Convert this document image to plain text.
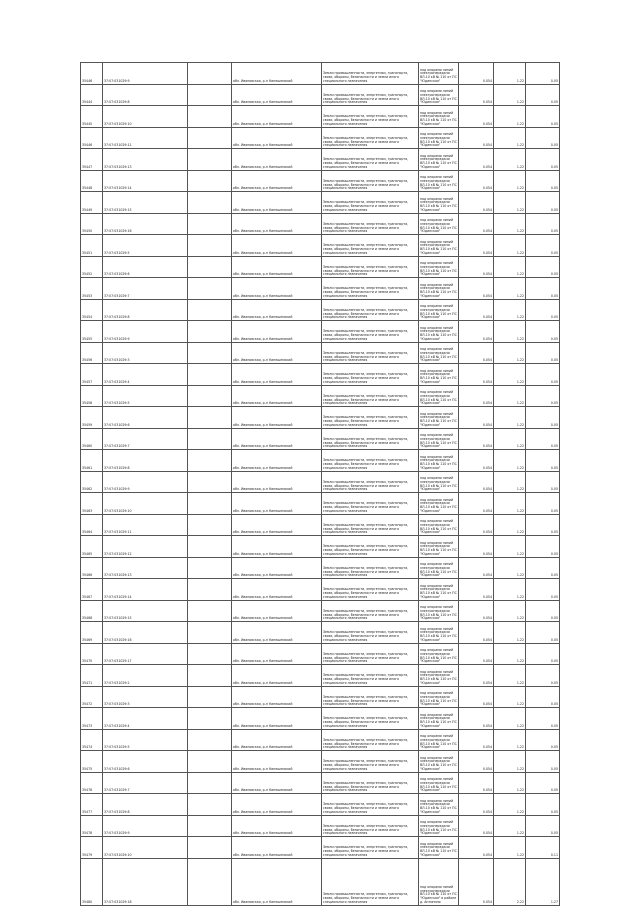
35446	37:07:031029:9		обл. Ивановская, р-н Кинешемский	Земли промышленности, энергетики, транспорта, связи, обороны, безопасности и земли иного специального назначения	под опорами линий электропередачи ВЛ-10 кВ № 110 от ПС "Юдинская"	0.054	1.22	0.05
35444	37:07:031029:8		обл. Ивановская, р-н Кинешемский	Земли промышленности, энергетики, транспорта, связи, обороны, безопасности и земли иного специального назначения	под опорами линий электропередачи ВЛ-10 кВ № 110 от ПС "Юдинская"	0.054	1.22	0.05
35445	37:07:031029:10		обл. Ивановская, р-н Кинешемский	Земли промышленности, энергетики, транспорта, связи, обороны, безопасности и земли иного специального назначения	под опорами линий электропередачи ВЛ-10 кВ № 110 от ПС "Юдинская"	0.054	1.22	0.05
35446	37:07:031029:11		обл. Ивановская, р-н Кинешемский	Земли промышленности, энергетики, транспорта, связи, обороны, безопасности и земли иного специального назначения	под опорами линий электропередачи ВЛ-10 кВ № 110 от ПС "Юдинская"	0.054	1.22	0.05
35447	37:07:031029:13		обл. Ивановская, р-н Кинешемский	Земли промышленности, энергетики, транспорта, связи, обороны, безопасности и земли иного специального назначения	под опорами линий электропередачи ВЛ-10 кВ № 110 от ПС "Юдинская"	0.054	1.22	0.05
35448	37:07:031029:14		обл. Ивановская, р-н Кинешемский	Земли промышленности, энергетики, транспорта, связи, обороны, безопасности и земли иного специального назначения	под опорами линий электропередачи ВЛ-10 кВ № 110 от ПС "Юдинская"	0.054	1.22	0.05
35449	37:07:031029:15		обл. Ивановская, р-н Кинешемский	Земли промышленности, энергетики, транспорта, связи, обороны, безопасности и земли иного специального назначения	под опорами линий электропередачи ВЛ-10 кВ № 110 от ПС "Юдинская"	0.054	1.22	0.05
35450	37:07:031029:16		обл. Ивановская, р-н Кинешемский	Земли промышленности, энергетики, транспорта, связи, обороны, безопасности и земли иного специального назначения	под опорами линий электропередачи ВЛ-10 кВ № 110 от ПС "Юдинская"	0.054	1.22	0.05
35451	37:07:031029:5		обл. Ивановская, р-н Кинешемский	Земли промышленности, энергетики, транспорта, связи, обороны, безопасности и земли иного специального назначения	под опорами линий электропередачи ВЛ-10 кВ № 110 от ПС "Юдинская"	0.054	1.22	0.05
35452	37:07:031029:6		обл. Ивановская, р-н Кинешемский	Земли промышленности, энергетики, транспорта, связи, обороны, безопасности и земли иного специального назначения	под опорами линий электропередачи ВЛ-10 кВ № 110 от ПС "Юдинская"	0.054	1.22	0.05
35453	37:07:031029:7		обл. Ивановская, р-н Кинешемский	Земли промышленности, энергетики, транспорта, связи, обороны, безопасности и земли иного специального назначения	под опорами линий электропередачи ВЛ-10 кВ № 110 от ПС "Юдинская"	0.054	1.22	0.05
35454	37:07:031029:8		обл. Ивановская, р-н Кинешемский	Земли промышленности, энергетики, транспорта, связи, обороны, безопасности и земли иного специального назначения	под опорами линий электропередачи ВЛ-10 кВ № 110 от ПС "Юдинская"	0.054	1.22	0.05
35455	37:07:031029:9		обл. Ивановская, р-н Кинешемский	Земли промышленности, энергетики, транспорта, связи, обороны, безопасности и земли иного специального назначения	под опорами линий электропередачи ВЛ-10 кВ № 110 от ПС "Юдинская"	0.054	1.22	0.05
35456	37:07:031029:3		обл. Ивановская, р-н Кинешемский	Земли промышленности, энергетики, транспорта, связи, обороны, безопасности и земли иного специального назначения	под опорами линий электропередачи ВЛ-10 кВ № 110 от ПС "Юдинская"	0.054	1.22	0.05
35457	37:07:031029:4		обл. Ивановская, р-н Кинешемский	Земли промышленности, энергетики, транспорта, связи, обороны, безопасности и земли иного специального назначения	под опорами линий электропередачи ВЛ-10 кВ № 110 от ПС "Юдинская"	0.054	1.22	0.05
35458	37:07:031029:5		обл. Ивановская, р-н Кинешемский	Земли промышленности, энергетики, транспорта, связи, обороны, безопасности и земли иного специального назначения	под опорами линий электропередачи ВЛ-10 кВ № 110 от ПС "Юдинская"	0.054	1.22	0.05
35459	37:07:031029:6		обл. Ивановская, р-н Кинешемский	Земли промышленности, энергетики, транспорта, связи, обороны, безопасности и земли иного специального назначения	под опорами линий электропередачи ВЛ-10 кВ № 110 от ПС "Юдинская"	0.054	1.22	0.05
35460	37:07:031029:7		обл. Ивановская, р-н Кинешемский	Земли промышленности, энергетики, транспорта, связи, обороны, безопасности и земли иного специального назначения	под опорами линий электропередачи ВЛ-10 кВ № 110 от ПС "Юдинская"	0.054	1.22	0.05
35461	37:07:031029:8		обл. Ивановская, р-н Кинешемский	Земли промышленности, энергетики, транспорта, связи, обороны, безопасности и земли иного специального назначения	под опорами линий электропередачи ВЛ-10 кВ № 110 от ПС "Юдинская"	0.054	1.22	0.05
35462	37:07:031029:9		обл. Ивановская, р-н Кинешемский	Земли промышленности, энергетики, транспорта, связи, обороны, безопасности и земли иного специального назначения	под опорами линий электропередачи ВЛ-10 кВ № 110 от ПС "Юдинская"	0.054	1.22	0.05
35463	37:07:031029:10		обл. Ивановская, р-н Кинешемский	Земли промышленности, энергетики, транспорта, связи, обороны, безопасности и земли иного специального назначения	под опорами линий электропередачи ВЛ-10 кВ № 110 от ПС "Юдинская"	0.054	1.22	0.05
35464	37:07:031029:11		обл. Ивановская, р-н Кинешемский	Земли промышленности, энергетики, транспорта, связи, обороны, безопасности и земли иного специального назначения	под опорами линий электропередачи ВЛ-10 кВ № 110 от ПС "Юдинская"	0.054	1.22	0.05
35465	37:07:031029:12		обл. Ивановская, р-н Кинешемский	Земли промышленности, энергетики, транспорта, связи, обороны, безопасности и земли иного специального назначения	под опорами линий электропередачи ВЛ-10 кВ № 110 от ПС "Юдинская"	0.054	1.22	0.05
35466	37:07:031029:13		обл. Ивановская, р-н Кинешемский	Земли промышленности, энергетики, транспорта, связи, обороны, безопасности и земли иного специального назначения	под опорами линий электропередачи ВЛ-10 кВ № 110 от ПС "Юдинская"	0.054	1.22	0.05
35467	37:07:031029:14		обл. Ивановская, р-н Кинешемский	Земли промышленности, энергетики, транспорта, связи, обороны, безопасности и земли иного специального назначения	под опорами линий электропередачи ВЛ-10 кВ № 110 от ПС "Юдинская"	0.054	1.22	0.05
35468	37:07:031029:15		обл. Ивановская, р-н Кинешемский	Земли промышленности, энергетики, транспорта, связи, обороны, безопасности и земли иного специального назначения	под опорами линий электропередачи ВЛ-10 кВ № 110 от ПС "Юдинская"	0.054	1.22	0.05
35469	37:07:031029:16		обл. Ивановская, р-н Кинешемский	Земли промышленности, энергетики, транспорта, связи, обороны, безопасности и земли иного специального назначения	под опорами линий электропередачи ВЛ-10 кВ № 110 от ПС "Юдинская"	0.054	1.22	0.05
35470	37:07:031029:17		обл. Ивановская, р-н Кинешемский	Земли промышленности, энергетики, транспорта, связи, обороны, безопасности и земли иного специального назначения	под опорами линий электропередачи ВЛ-10 кВ № 110 от ПС "Юдинская"	0.054	1.22	0.05
35471	37:07:031029:2		обл. Ивановская, р-н Кинешемский	Земли промышленности, энергетики, транспорта, связи, обороны, безопасности и земли иного специального назначения	под опорами линий электропередачи ВЛ-10 кВ № 110 от ПС "Юдинская"	0.054	1.22	0.05
35472	37:07:031029:3		обл. Ивановская, р-н Кинешемский	Земли промышленности, энергетики, транспорта, связи, обороны, безопасности и земли иного специального назначения	под опорами линий электропередачи ВЛ-10 кВ № 110 от ПС "Юдинская"	0.054	1.22	0.05
35473	37:07:031029:4		обл. Ивановская, р-н Кинешемский	Земли промышленности, энергетики, транспорта, связи, обороны, безопасности и земли иного специального назначения	под опорами линий электропередачи ВЛ-10 кВ № 110 от ПС "Юдинская"	0.054	1.22	0.05
35474	37:07:031029:5		обл. Ивановская, р-н Кинешемский	Земли промышленности, энергетики, транспорта, связи, обороны, безопасности и земли иного специального назначения	под опорами линий электропередачи ВЛ-10 кВ № 110 от ПС "Юдинская"	0.054	1.22	0.05
35475	37:07:031029:6		обл. Ивановская, р-н Кинешемский	Земли промышленности, энергетики, транспорта, связи, обороны, безопасности и земли иного специального назначения	под опорами линий электропередачи ВЛ-10 кВ № 110 от ПС "Юдинская"	0.054	1.22	0.05
35476	37:07:031029:7		обл. Ивановская, р-н Кинешемский	Земли промышленности, энергетики, транспорта, связи, обороны, безопасности и земли иного специального назначения	под опорами линий электропередачи ВЛ-10 кВ № 110 от ПС "Юдинская"	0.054	1.22	0.05
35477	37:07:031029:8		обл. Ивановская, р-н Кинешемский	Земли промышленности, энергетики, транспорта, связи, обороны, безопасности и земли иного специального назначения	под опорами линий электропередачи ВЛ-10 кВ № 110 от ПС "Юдинская"	0.054	1.22	0.05
35478	37:07:031029:9		обл. Ивановская, р-н Кинешемский	Земли промышленности, энергетики, транспорта, связи, обороны, безопасности и земли иного специального назначения	под опорами линий электропередачи ВЛ-10 кВ № 110 от ПС "Юдинская"	0.054	1.22	0.05
35479	37:07:031029:10		обл. Ивановская, р-н Кинешемский	Земли промышленности, энергетики, транспорта, связи, обороны, безопасности и земли иного специального назначения	под опорами линий электропередачи ВЛ-10 кВ № 110 от ПС "Юдинская"	0.054	1.22	0.11
35480	37:07:031029:18		обл. Ивановская, р-н Кинешемский	Земли промышленности, энергетики, транспорта, связи, обороны, безопасности и земли иного специального назначения	под опорами линий электропередачи ВЛ-10 кВ № 110 от ПС "Юдинская" в районе д. Антипино	0.054	2.22	1.27
